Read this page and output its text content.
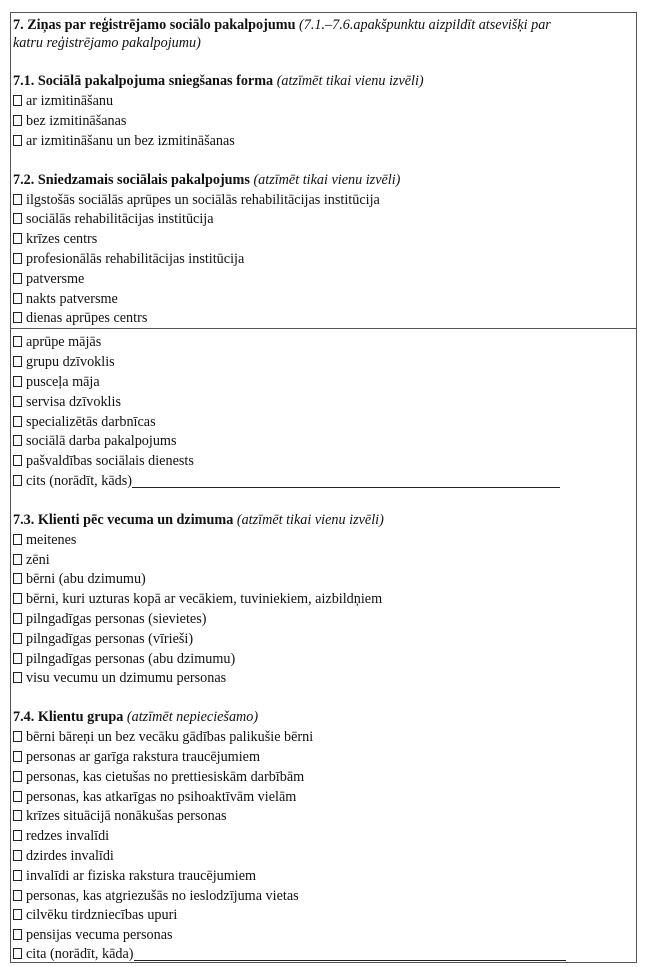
7. Ziņas par reģistrējamo sociālo pakalpojumu (7.1.–7.6.apakšpunktu aizpildīt atsevišķi par
katru reģistrējamo pakalpojumu)
7.1. Sociālā pakalpojuma sniegšanas forma (atzīmēt tikai vienu izvēli)
ar izmitināšanu
bez izmitināšanas
ar izmitināšanu un bez izmitināšanas
7.2. Sniedzamais sociālais pakalpojums (atzīmēt tikai vienu izvēli)
ilgstošās sociālās aprūpes un sociālās rehabilitācijas institūcija
sociālās rehabilitācijas institūcija
krīzes centrs
profesionālās rehabilitācijas institūcija
patversme
nakts patversme
dienas aprūpes centrs
aprūpe mājās
grupu dzīvoklis
pusceļa māja
servisa dzīvoklis
specializētās darbnīcas
sociālā darba pakalpojums
pašvaldības sociālais dienests
cits (norādīt, kāds)
7.3. Klienti pēc vecuma un dzimuma (atzīmēt tikai vienu izvēli)
meitenes
zēni
bērni (abu dzimumu)
bērni, kuri uzturas kopā ar vecākiem, tuviniekiem, aizbildņiem
pilngadīgas personas (sievietes)
pilngadīgas personas (vīrieši)
pilngadīgas personas (abu dzimumu)
visu vecumu un dzimumu personas
7.4. Klientu grupa (atzīmēt nepieciešamo)
bērni bāreņi un bez vecāku gādības palikušie bērni
personas ar garīga rakstura traucējumiem
personas, kas cietušas no prettiesiskām darbībām
personas, kas atkarīgas no psihoaktīvām vielām
krīzes situācijā nonākušas personas
redzes invalīdi
dzirdes invalīdi
invalīdi ar fiziska rakstura traucējumiem
personas, kas atgriezušās no ieslodzījuma vietas
cilvēku tirdzniecības upuri
pensijas vecuma personas
cita (norādīt, kāda)
